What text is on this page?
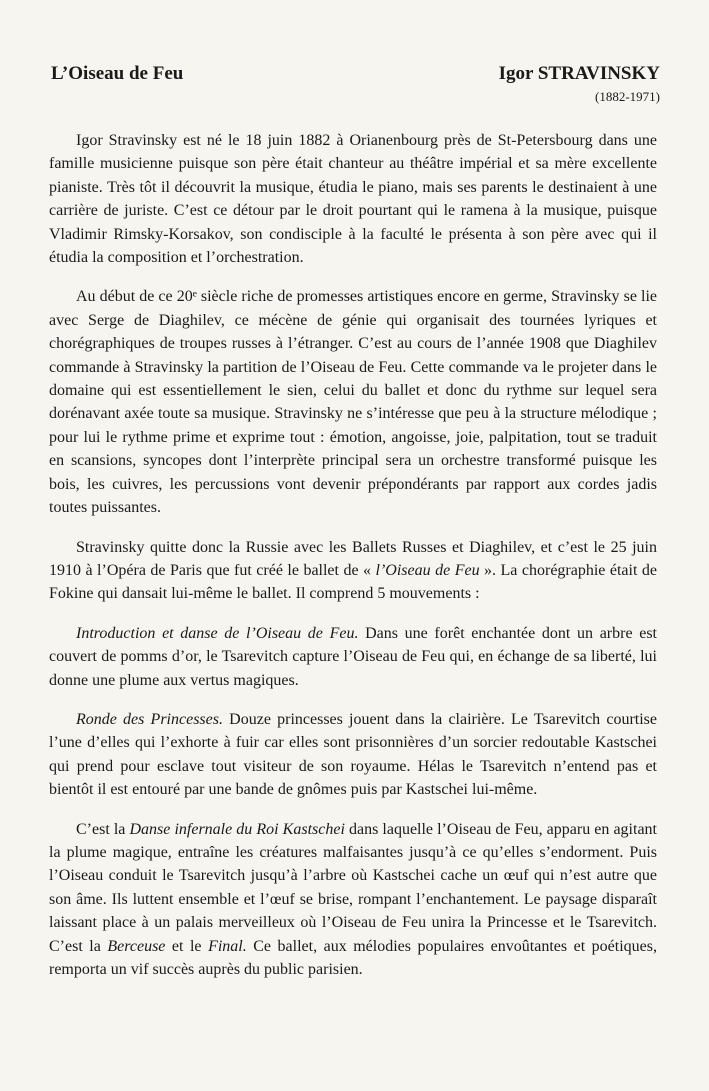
L’Oiseau de Feu	Igor STRAVINSKY
(1882-1971)

Igor Stravinsky est né le 18 juin 1882 à Orianenbourg près de St-Petersbourg dans une famille musicienne puisque son père était chanteur au théâtre impérial et sa mère excellente pianiste. Très tôt il découvrit la musique, étudia le piano, mais ses parents le destinaient à une carrière de juriste. C’est ce détour par le droit pourtant qui le ramena à la musique, puisque Vladimir Rimsky-Korsakov, son condisciple à la faculté le présenta à son père avec qui il étudia la composition et l’orchestration.

Au début de ce 20ᵉ siècle riche de promesses artistiques encore en germe, Stravinsky se lie avec Serge de Diaghilev, ce mécène de génie qui organisait des tournées lyriques et chorégraphiques de troupes russes à l’étranger. C’est au cours de l’année 1908 que Diaghilev commande à Stravinsky la partition de l’Oiseau de Feu. Cette commande va le projeter dans le domaine qui est essentiellement le sien, celui du ballet et donc du rythme sur lequel sera dorénavant axée toute sa musique. Stravinsky ne s’intéresse que peu à la structure mélodique ; pour lui le rythme prime et exprime tout : émotion, angoisse, joie, palpitation, tout se traduit en scansions, syncopes dont l’interprète principal sera un orchestre transformé puisque les bois, les cuivres, les percussions vont devenir prépondérants par rapport aux cordes jadis toutes puissantes.

Stravinsky quitte donc la Russie avec les Ballets Russes et Diaghilev, et c’est le 25 juin 1910 à l’Opéra de Paris que fut créé le ballet de « l’Oiseau de Feu ». La chorégraphie était de Fokine qui dansait lui-même le ballet. Il comprend 5 mouvements :

Introduction et danse de l’Oiseau de Feu. Dans une forêt enchantée dont un arbre est couvert de pomms d’or, le Tsarevitch capture l’Oiseau de Feu qui, en échange de sa liberté, lui donne une plume aux vertus magiques.

Ronde des Princesses. Douze princesses jouent dans la clairière. Le Tsarevitch courtise l’une d’elles qui l’exhorte à fuir car elles sont prisonnières d’un sorcier redoutable Kastschei qui prend pour esclave tout visiteur de son royaume. Hélas le Tsarevitch n’entend pas et bientôt il est entouré par une bande de gnômes puis par Kastschei lui-même.

C’est la Danse infernale du Roi Kastschei dans laquelle l’Oiseau de Feu, apparu en agitant la plume magique, entraîne les créatures malfaisantes jusqu’à ce qu’elles s’endorment. Puis l’Oiseau conduit le Tsarevitch jusqu’à l’arbre où Kastschei cache un œuf qui n’est autre que son âme. Ils luttent ensemble et l’œuf se brise, rompant l’enchantement. Le paysage disparaît laissant place à un palais merveilleux où l’Oiseau de Feu unira la Princesse et le Tsarevitch. C’est la Berceuse et le Final. Ce ballet, aux mélodies populaires envoûtantes et poétiques, remporta un vif succès auprès du public parisien.
